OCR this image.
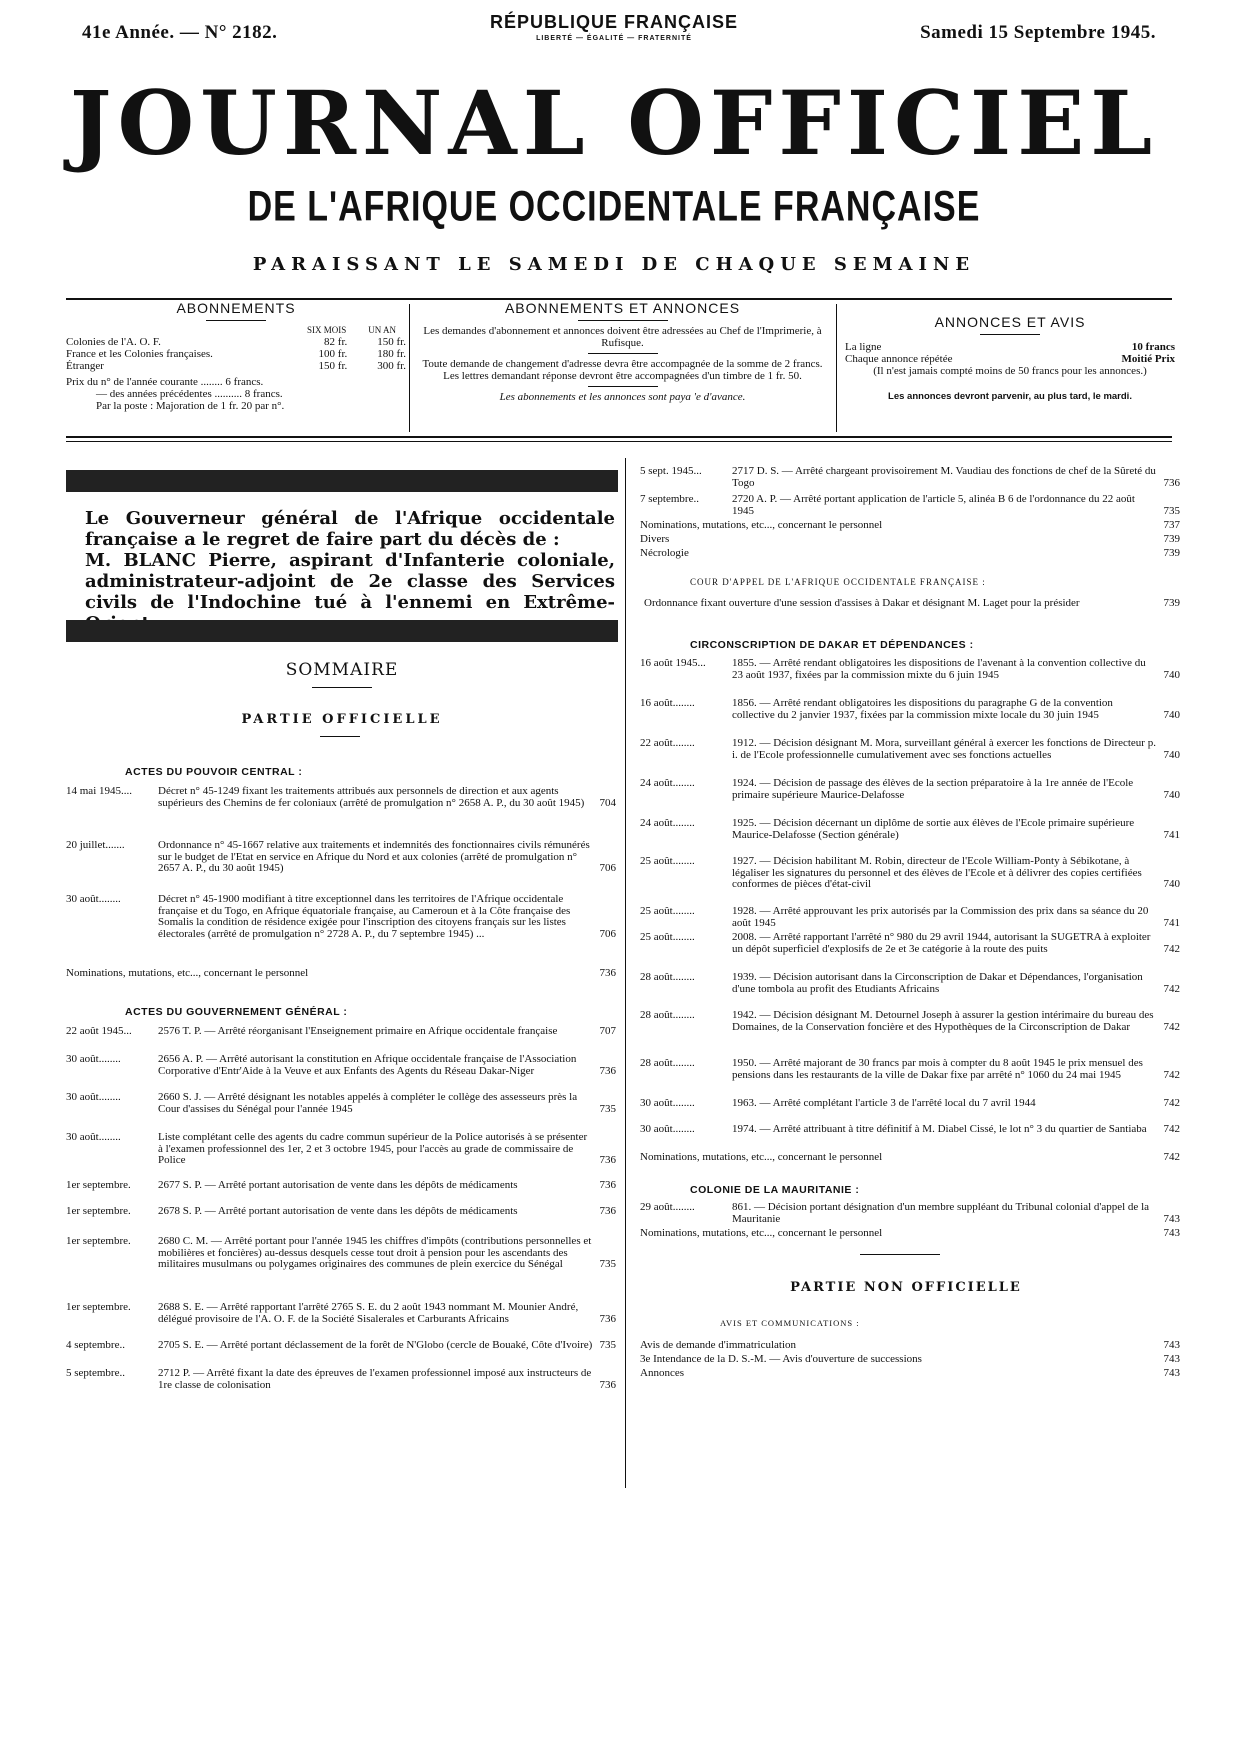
41e Année. — N° 2182.	RÉPUBLIQUE FRANÇAISE
LIBERTÉ — ÉGALITÉ — FRATERNITÉ	Samedi 15 Septembre 1945.
JOURNAL OFFICIEL
DE L'AFRIQUE OCCIDENTALE FRANÇAISE
PARAISSANT LE SAMEDI DE CHAQUE SEMAINE
ABONNEMENTS
SIX MOIS UN AN
Colonies de l'A. O. F.	82 fr.	150 fr.
France et les Colonies françaises.	100 fr.	180 fr.
Étranger	150 fr.	300 fr.
Prix du n° de l'année courante ........ 6 francs.
— des années précédentes .......... 8 francs.
Par la poste : Majoration de 1 fr. 20 par n°.
ABONNEMENTS ET ANNONCES
Les demandes d'abonnement et annonces doivent être adressées au Chef de l'Imprimerie, à Rufisque.
Toute demande de changement d'adresse devra être accompagnée de la somme de 2 francs. Les lettres demandant réponse devront être accompagnées d'un timbre de 1 fr. 50.
Les abonnements et les annonces sont paya 'e d'avance.
ANNONCES ET AVIS
La ligne	10 francs
Chaque annonce répétée	Moitié Prix
(Il n'est jamais compté moins de 50 francs pour les annonces.)
Les annonces devront parvenir, au plus tard, le mardi.
Le Gouverneur général de l'Afrique occidentale française a le regret de faire part du décès de :
M. BLANC Pierre, aspirant d'Infanterie coloniale, administrateur-adjoint de 2e classe des Services civils de l'Indochine tué à l'ennemi en Extrême-
SOMMAIRE
PARTIE OFFICIELLE
ACTES DU POUVOIR CENTRAL :
14 mai 1945....	Décret n° 45-1249 fixant les traitements attribués aux personnels de direction et aux agents supérieurs des Chemins de fer coloniaux (arrêté de promulgation n° 2658 A. P., du 30 août 1945)	704
20 juillet.......	Ordonnance n° 45-1667 relative aux traitements et indemnités des fonctionnaires civils rémunérés sur le budget de l'Etat en service en Afrique du Nord et aux colonies (arrêté de promulgation n° 2657 A. P., du 30 août 1945)	706
30 août........	Décret n° 45-1900 modifiant à titre exceptionnel dans les territoires de l'Afrique occidentale française et du Togo, en Afrique équatoriale française, au Cameroun et à la Côte française des Somalis la condition de résidence exigée pour l'inscription des citoyens français sur les listes électorales (arrêté de promulgation n° 2728 A. P., du 7 septembre 1945) ...	706
Nominations, mutations, etc..., concernant le personnel	736
ACTES DU GOUVERNEMENT GÉNÉRAL :
22 août 1945...	2576 T. P. — Arrêté réorganisant l'Enseignement primaire en Afrique occidentale française	707
30 août........	2656 A. P. — Arrêté autorisant la constitution en Afrique occidentale française de l'Association Corporative d'Entr'Aide à la Veuve et aux Enfants des Agents du Réseau Dakar-Niger	736
30 août........	2660 S. J. — Arrêté désignant les notables appelés à compléter le collège des assesseurs près la Cour d'assises du Sénégal pour l'année 1945	735
30 août........	Liste complétant celle des agents du cadre commun supérieur de la Police autorisés à se présenter à l'examen professionnel des 1er, 2 et 3 octobre 1945, pour l'accès au grade de commissaire de Police	736
1er septembre.	2677 S. P. — Arrêté portant autorisation de vente dans les dépôts de médicaments	736
1er septembre.	2678 S. P. — Arrêté portant autorisation de vente dans les dépôts de médicaments	736
1er septembre.	2680 C. M. — Arrêté portant pour l'année 1945 les chiffres d'impôts (contributions personnelles et mobilières et foncières) au-dessus desquels cesse tout droit à pension pour les ascendants des militaires musulmans ou polygames originaires des communes de plein exercice du Sénégal	735
1er septembre.	2688 S. E. — Arrêté rapportant l'arrêté 2765 S. E. du 2 août 1943 nommant M. Mounier André, délégué provisoire de l'A. O. F. de la Société Sisalerales et Carburants Africains	736
4 septembre..	2705 S. E. — Arrêté portant déclassement de la forêt de N'Globo (cercle de Bouaké, Côte d'Ivoire) 735
5 septembre..	2712 P. — Arrêté fixant la date des épreuves de l'examen professionnel imposé aux instructeurs de 1re classe de colonisation	736
5 sept. 1945...	2717 D. S. — Arrêté chargeant provisoirement M. Vaudiau des fonctions de chef de la Sûreté du Togo	736
7 septembre..	2720 A. P. — Arrêté portant application de l'article 5, alinéa B 6 de l'ordonnance du 22 août 1945	735
Nominations, mutations, etc..., concernant le personnel	737
Divers	739
Nécrologie	739
COUR D'APPEL DE L'AFRIQUE OCCIDENTALE FRANÇAISE :
Ordonnance fixant ouverture d'une session d'assises à Dakar et désignant M. Laget pour la présider	739
CIRCONSCRIPTION DE DAKAR ET DÉPENDANCES :
16 août 1945...	1855. — Arrêté rendant obligatoires les dispositions de l'avenant à la convention collective du 23 août 1937, fixées par la commission mixte du 6 juin 1945	740
16 août........	1856. — Arrêté rendant obligatoires les dispositions du paragraphe G de la convention collective du 2 janvier 1937, fixées par la commission mixte locale du 30 juin 1945	740
22 août........	1912. — Décision désignant M. Mora, surveillant général à exercer les fonctions de Directeur p. i. de l'Ecole professionnelle cumulativement avec ses fonctions actuelles	740
24 août........	1924. — Décision de passage des élèves de la section préparatoire à la 1re année de l'Ecole primaire supérieure Maurice-Delafosse	740
24 août........	1925. — Décision décernant un diplôme de sortie aux élèves de l'Ecole primaire supérieure Maurice-Delafosse (Section générale)	741
25 août........	1927. — Décision habilitant M. Robin, directeur de l'Ecole William-Ponty à Sébikotane, à légaliser les signatures du personnel et des élèves de l'Ecole et à délivrer des copies certifiées conformes de pièces d'état-civil	740
25 août........	1928. — Arrêté approuvant les prix autorisés par la Commission des prix dans sa séance du 20 août 1945	741
25 août........	2008. — Arrêté rapportant l'arrêté n° 980 du 29 avril 1944, autorisant la SUGETRA à exploiter un dépôt superficiel d'explosifs de 2e et 3e catégorie à la route des puits	742
28 août........	1939. — Décision autorisant dans la Circonscription de Dakar et Dépendances, l'organisation d'une tombola au profit des Etudiants Africains	742
28 août........	1942. — Décision désignant M. Detournel Joseph à assurer la gestion intérimaire du bureau des Domaines, de la Conservation foncière et des Hypothèques de la Circonscription de Dakar	742
28 août........	1950. — Arrêté majorant de 30 francs par mois à compter du 8 août 1945 le prix mensuel des pensions dans les restaurants de la ville de Dakar fixe par arrêté n° 1060 du 24 mai 1945	742
30 août........	1963. — Arrêté complétant l'article 3 de l'arrêté local du 7 avril 1944	742
30 août........	1974. — Arrêté attribuant à titre définitif à M. Diabel Cissé, le lot n° 3 du quartier de Santiaba	742
Nominations, mutations, etc..., concernant le personnel	742
COLONIE DE LA MAURITANIE :
29 août........	861. — Décision portant désignation d'un membre suppléant du Tribunal colonial d'appel de la Mauritanie	743
Nominations, mutations, etc..., concernant le personnel	743
PARTIE NON OFFICIELLE
AVIS ET COMMUNICATIONS :
Avis de demande d'immatriculation	743
3e Intendance de la D. S.-M. — Avis d'ouverture de successions	743
Annonces	743
